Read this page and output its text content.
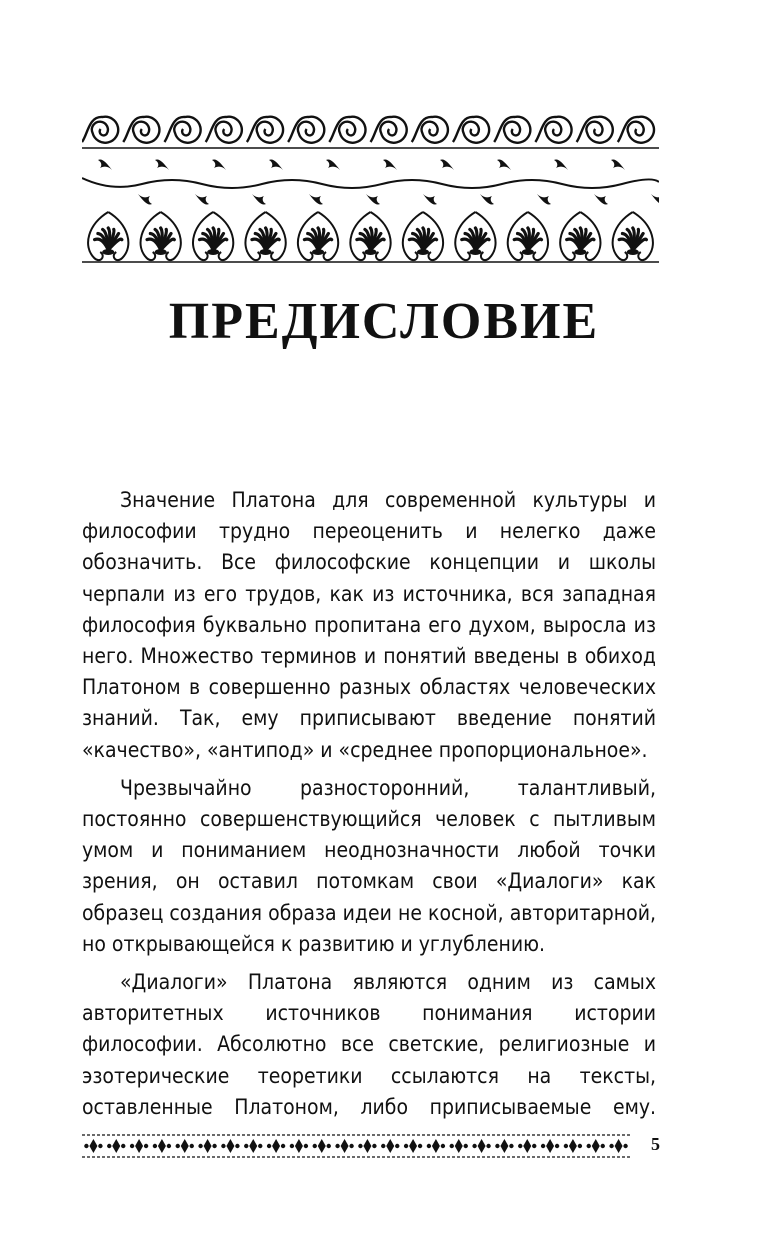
ПРЕДИСЛОВИЕ

Значение Платона для современной культуры и философии трудно переоценить и нелегко даже обозначить. Все философские концепции и школы черпали из его трудов, как из источника, вся западная философия буквально пропитана его духом, выросла из него. Множество терминов и понятий введены в обиход Платоном в совершенно разных областях человеческих знаний. Так, ему приписывают введение понятий «качество», «антипод» и «среднее пропорциональное».

Чрезвычайно разносторонний, талантливый, постоянно совершенствующийся человек с пытливым умом и пониманием неоднозначности любой точки зрения, он оставил потомкам свои «Диалоги» как образец создания образа идеи не косной, авторитарной, но открывающейся к развитию и углублению.

«Диалоги» Платона являются одним из самых авторитетных источников понимания истории философии. Абсолютно все светские, религиозные и эзотерические теоретики ссылаются на тексты, оставленные Платоном, либо приписываемые ему.

5
